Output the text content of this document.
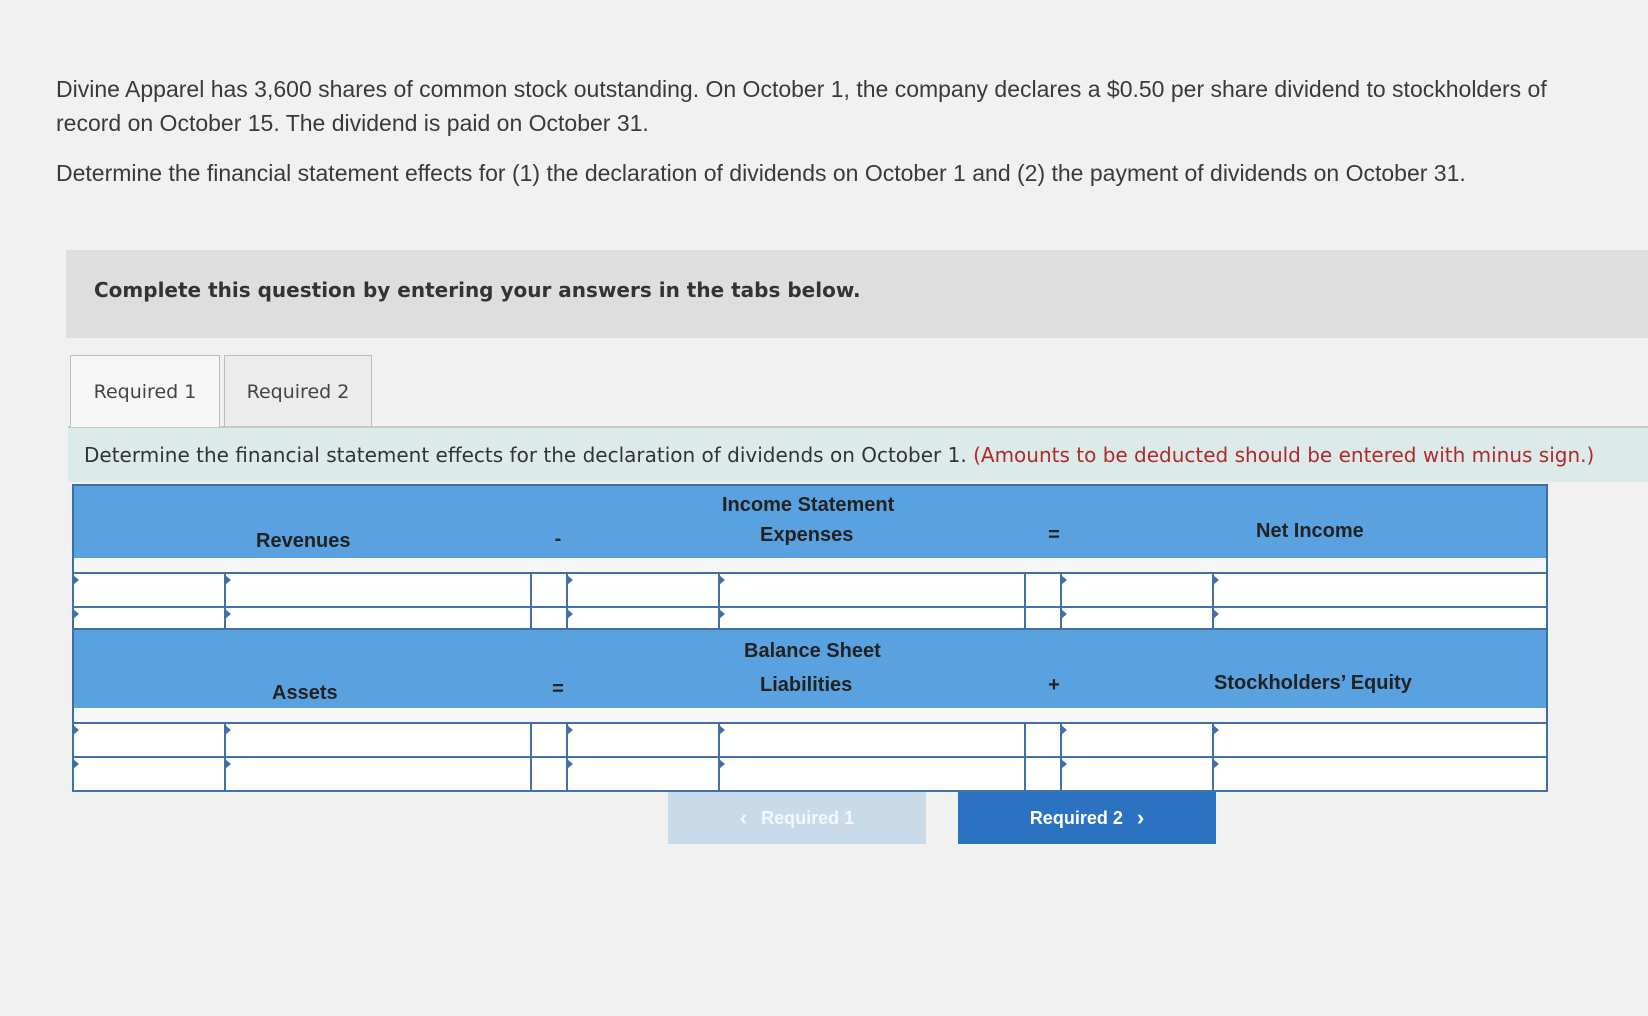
Divine Apparel has 3,600 shares of common stock outstanding. On October 1, the company declares a $0.50 per share dividend to stockholders of record on October 15. The dividend is paid on October 31.
Determine the financial statement effects for (1) the declaration of dividends on October 1 and (2) the payment of dividends on October 31.
Complete this question by entering your answers in the tabs below.
Required 1	Required 2
Determine the financial statement effects for the declaration of dividends on October 1. (Amounts to be deducted should be entered with minus sign.)
Income Statement
Revenues	-	Expenses	=	Net Income
Balance Sheet
Assets	=	Liabilities	+	Stockholders’ Equity
‹ Required 1	Required 2 ›
